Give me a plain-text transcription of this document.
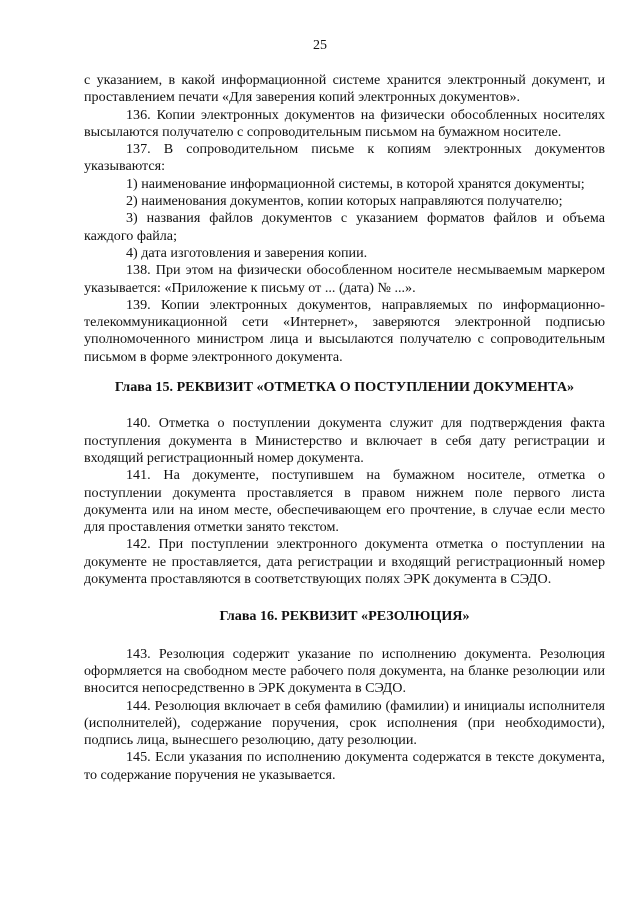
25

с указанием, в какой информационной системе хранится электронный документ, и проставлением печати «Для заверения копий электронных документов».

136. Копии электронных документов на физически обособленных носителях высылаются получателю с сопроводительным письмом на бумажном носителе.

137. В сопроводительном письме к копиям электронных документов указываются:

1) наименование информационной системы, в которой хранятся документы;

2) наименования документов, копии которых направляются получателю;

3) названия файлов документов с указанием форматов файлов и объема каждого файла;

4) дата изготовления и заверения копии.

138. При этом на физически обособленном носителе несмываемым маркером указывается: «Приложение к письму от ... (дата) № ...».

139. Копии электронных документов, направляемых по информационно-телекоммуникационной сети «Интернет», заверяются электронной подписью уполномоченного министром лица и высылаются получателю с сопроводительным письмом в форме электронного документа.

Глава 15. РЕКВИЗИТ «ОТМЕТКА О ПОСТУПЛЕНИИ ДОКУМЕНТА»

140. Отметка о поступлении документа служит для подтверждения факта поступления документа в Министерство и включает в себя дату регистрации и входящий регистрационный номер документа.

141. На документе, поступившем на бумажном носителе, отметка о поступлении документа проставляется в правом нижнем поле первого листа документа или на ином месте, обеспечивающем его прочтение, в случае если место для проставления отметки занято текстом.

142. При поступлении электронного документа отметка о поступлении на документе не проставляется, дата регистрации и входящий регистрационный номер документа проставляются в соответствующих полях ЭРК документа в СЭДО.

Глава 16. РЕКВИЗИТ «РЕЗОЛЮЦИЯ»

143. Резолюция содержит указание по исполнению документа. Резолюция оформляется на свободном месте рабочего поля документа, на бланке резолюции или вносится непосредственно в ЭРК документа в СЭДО.

144. Резолюция включает в себя фамилию (фамилии) и инициалы исполнителя (исполнителей), содержание поручения, срок исполнения (при необходимости), подпись лица, вынесшего резолюцию, дату резолюции.

145. Если указания по исполнению документа содержатся в тексте документа, то содержание поручения не указывается.
